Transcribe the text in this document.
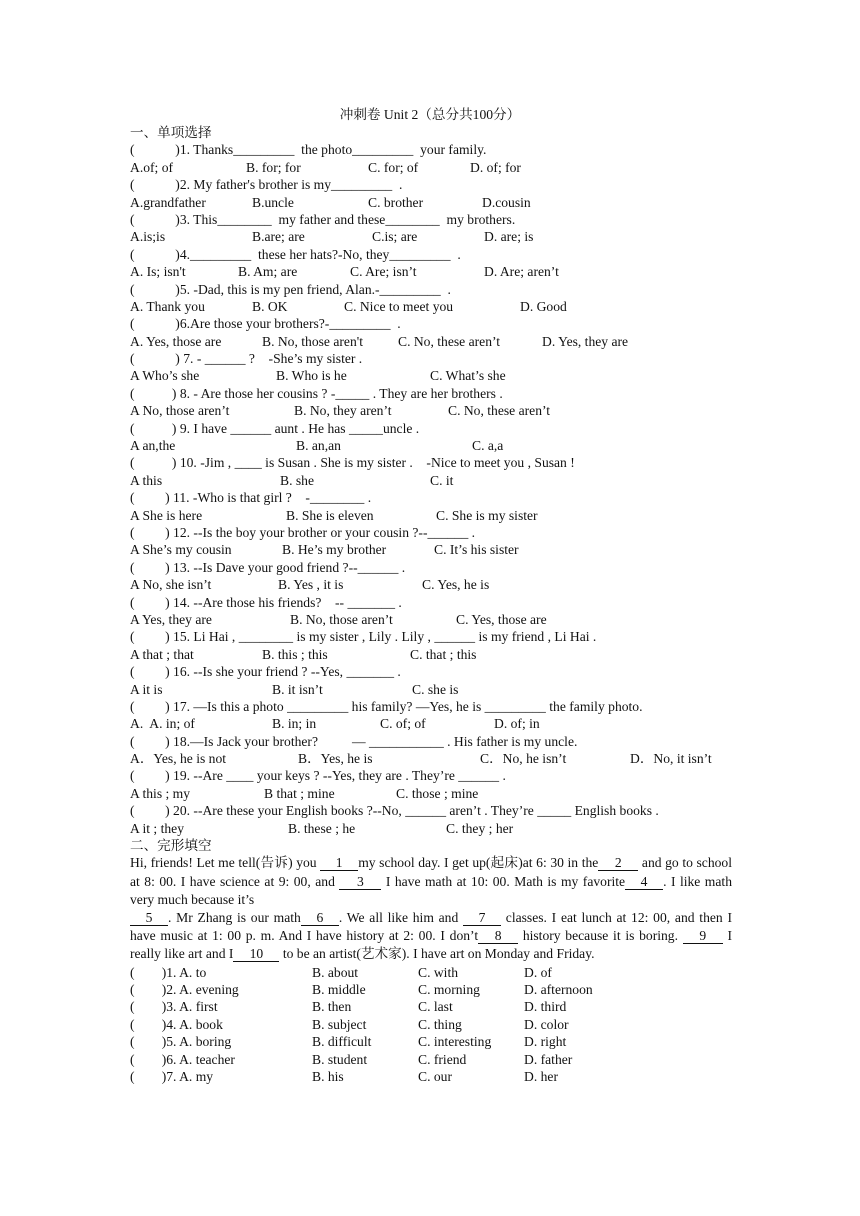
冲刺卷 Unit 2（总分共100分）
一、单项选择
(            )1. Thanks_________  the photo_________  your family.
A.of; of	B. for; for	C. for; of	D. of; for
(            )2. My father's brother is my_________  .
A.grandfather	B.uncle	C. brother	D.cousin
(            )3. This________  my father and these________  my brothers.
A.is;is	B.are; are	C.is; are	D. are; is
(            )4._________  these her hats?-No, they_________  .
A. Is; isn't	B. Am; are	C. Are; isn’t	D. Are; aren’t
(            )5. -Dad, this is my pen friend, Alan.-_________  .
A. Thank you	B. OK	C. Nice to meet you	D. Good
(            )6.Are those your brothers?-_________  .
A. Yes, those are	B. No, those aren't	C. No, these aren’t	D. Yes, they are
(            ) 7. - ______ ?    -She’s my sister .
A Who’s she	B. Who is he	C. What’s she
(           ) 8. - Are those her cousins ? -_____ . They are her brothers .
A No, those aren’t	B. No, they aren’t	C. No, these aren’t
(           ) 9. I have ______ aunt . He has _____uncle .
A an,the	B. an,an	C. a,a
(           ) 10. -Jim , ____ is Susan . She is my sister .    -Nice to meet you , Susan !
A this	B. she	C. it
(         ) 11. -Who is that girl ?    -________ .
A She is here	B. She is eleven	C. She is my sister
(         ) 12. --Is the boy your brother or your cousin ?--______ .
A She’s my cousin	B. He’s my brother	C. It’s his sister
(         ) 13. --Is Dave your good friend ?--______ .
A No, she isn’t	B. Yes , it is	C. Yes, he is
(         ) 14. --Are those his friends?    -- _______ .
A Yes, they are	B. No, those aren’t	C. Yes, those are
(         ) 15. Li Hai , ________ is my sister , Lily . Lily , ______ is my friend , Li Hai .
A that ; that	B. this ; this	C. that ; this
(         ) 16. --Is she your friend ? --Yes, _______ .
A it is	B. it isn’t	C. she is
(         ) 17. —Is this a photo _________ his family? —Yes, he is _________ the family photo.
A.  A. in; of	B. in; in	C. of; of	D. of; in
(         ) 18.—Is Jack your brother?          — ___________ . His father is my uncle.
A．Yes, he is not	B．Yes, he is	C．No, he isn’t	D．No, it isn’t
(         ) 19. --Are ____ your keys ? --Yes, they are . They’re ______ .
A this ; my	B that ; mine	C. those ; mine
(         ) 20. --Are these your English books ?--No, ______ aren’t . They’re _____ English books .
A it ; they	B. these ; he	C. they ; her
二、完形填空
Hi, friends! Let me tell(告诉) you 1 my school day. I get up(起床)at 6: 30 in the 2 and go to school at 8: 00. I have science at 9: 00, and 3 I have math at 10: 00. Math is my favorite 4 . I like math very much because it’s
5 . Mr Zhang is our math 6 . We all like him and 7 classes. I eat lunch at 12: 00, and then I have music at 1: 00 p. m. And I have history at 2: 00. I don’t 8 history because it is boring. 9 I really like art and I 10 to be an artist(艺术家). I have art on Monday and Friday.
(        )1. A. to	B. about	C. with	D. of
(        )2. A. evening	B. middle	C. morning	D. afternoon
(        )3. A. first	B. then	C. last	D. third
(        )4. A. book	B. subject	C. thing	D. color
(        )5. A. boring	B. difficult	C. interesting D. right
(        )6. A. teacher	B. student	C. friend	D. father
(        )7. A. my	B. his	C. our	D. her
